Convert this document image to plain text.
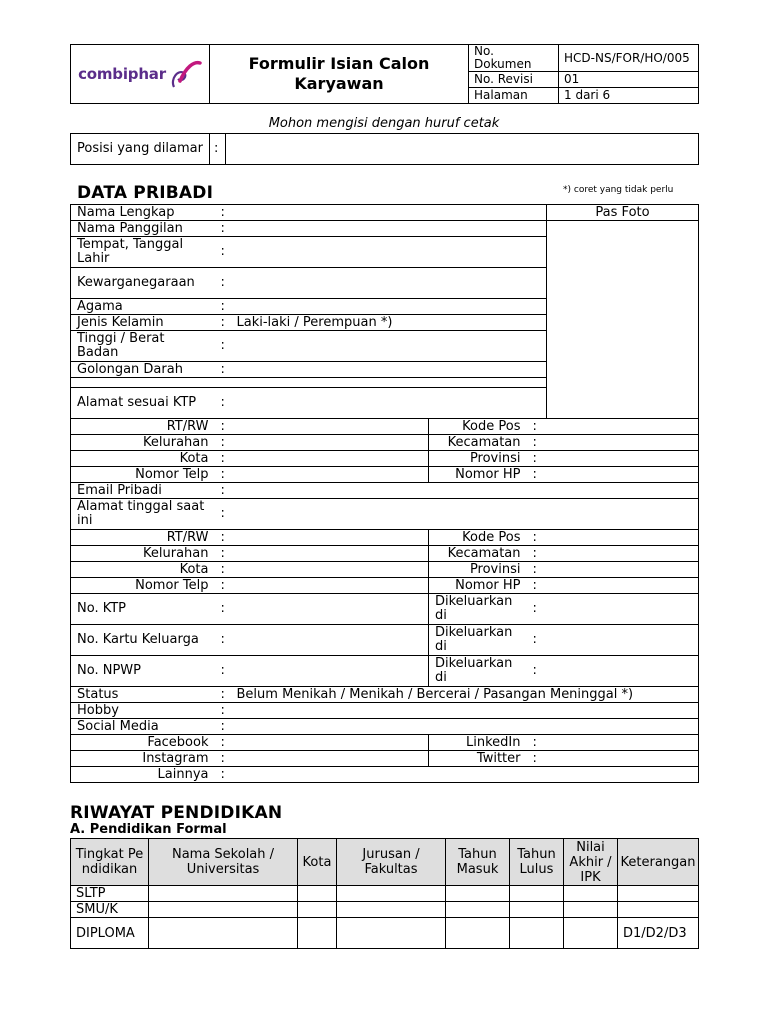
combiphar	Formulir Isian Calon Karyawan	No. Dokumen	HCD-NS/FOR/HO/005
		No. Revisi	01
		Halaman	1 dari 6
Mohon mengisi dengan huruf cetak
Posisi yang dilamar	:	
DATA PRIBADI	*) coret yang tidak perlu
Nama Lengkap	:					Pas Foto
Nama Panggilan	:					
Tempat, Tanggal Lahir	:					
Kewarganegaraan	:					
Agama	:					
Jenis Kelamin	:	Laki-laki / Perempuan *)				
Tinggi / Berat Badan	:					
Golongan Darah	:					

Alamat sesuai KTP	:					
RT/RW	:		Kode Pos	:		
Kelurahan	:		Kecamatan	:		
Kota	:		Provinsi	:		
Nomor Telp	:		Nomor HP	:		
Email Pribadi	:					
Alamat tinggal saat ini	:					
RT/RW	:		Kode Pos	:		
Kelurahan	:		Kecamatan	:		
Kota	:		Provinsi	:		
Nomor Telp	:		Nomor HP	:		
No. KTP	:		Dikeluarkan di	:		
No. Kartu Keluarga	:		Dikeluarkan di	:		
No. NPWP	:		Dikeluarkan di	:		
Status	:	Belum Menikah / Menikah / Bercerai / Pasangan Meninggal *)				
Hobby	:					
Social Media	:					
Facebook	:		LinkedIn	:		
Instagram	:		Twitter	:		
Lainnya	:					
RIWAYAT PENDIDIKAN
A. Pendidikan Formal
Tingkat Pendidikan	Nama Sekolah / Universitas	Kota	Jurusan / Fakultas	Tahun Masuk	Tahun Lulus	Nilai Akhir / IPK	Keterangan
SLTP							
SMU/K							
DIPLOMA							D1/D2/D3
